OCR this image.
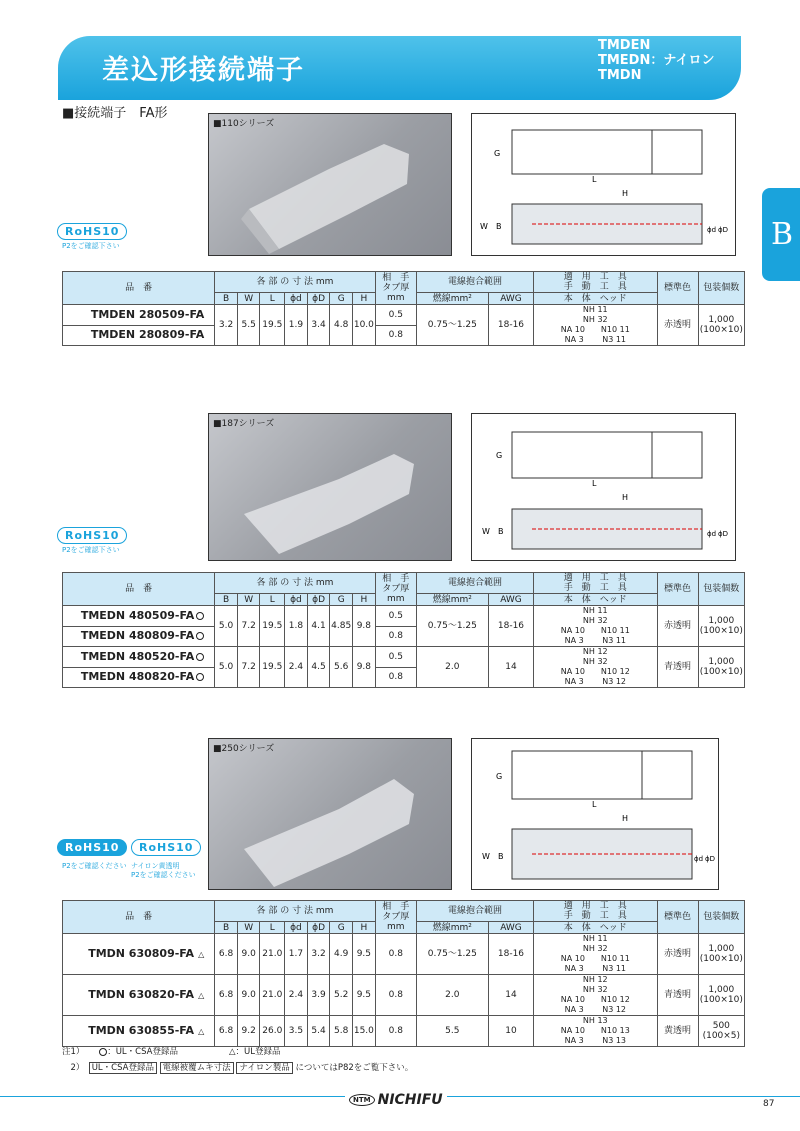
差込形接続端子
TMDEN
TMEDN：ナイロン
TMDN
■接続端子　FA形
B
■110シリーズ
G
L
H
W B	ϕd ϕD
RoHS10
P2をご確認下さい
品　番	各 部 の 寸 法 mm							相　手
タブ厚
mm	電線抱合範囲		適　用　工　具
手　動　工　具	標準色	包装個数
	B	W	L	ϕd	ϕD	G	H		燃線mm²	AWG	本　体　ヘッド		
TMDEN 280509-FA	3.2	5.5	19.5	1.9	3.4	4.8	10.0	0.5	0.75～1.25	18-16	NH 11
NH 32
NA 10　　N10 11
NA 3　　 N3 11	赤透明	1,000
(100×10)
TMDEN 280809-FA								0.8					
■187シリーズ
G
L
H
W B	ϕd ϕD
RoHS10
P2をご確認下さい
品　番	各 部 の 寸 法 mm							相　手
タブ厚
mm	電線抱合範囲		適　用　工　具
手　動　工　具	標準色	包装個数
	B	W	L	ϕd	ϕD	G	H		燃線mm²	AWG	本　体　ヘッド		
TMEDN 480509-FA	5.0	7.2	19.5	1.8	4.1	4.85	9.8	0.5	0.75～1.25	18-16	NH 11
NH 32
NA 10　　N10 11
NA 3　　 N3 11	赤透明	1,000
(100×10)
TMEDN 480809-FA								0.8					
TMEDN 480520-FA	5.0	7.2	19.5	2.4	4.5	5.6	9.8	0.5	2.0	14	NH 12
NH 32
NA 10　　N10 12
NA 3　　 N3 12	青透明	1,000
(100×10)
TMEDN 480820-FA								0.8					
■250シリーズ
G
L
H
W B	ϕd ϕD
RoHS10	RoHS10
P2をご確認ください ナイロン黄透明
P2をご確認ください
品　番	各 部 の 寸 法 mm							相　手
タブ厚
mm	電線抱合範囲		適　用　工　具
手　動　工　具	標準色	包装個数
	B	W	L	ϕd	ϕD	G	H		燃線mm²	AWG	本　体　ヘッド		
TMDN 630809-FA △	6.8	9.0	21.0	1.7	3.2	4.9	9.5	0.8	0.75～1.25	18-16	NH 11
NH 32
NA 10　　N10 11
NA 3　　 N3 11	赤透明	1,000
(100×10)
TMDN 630820-FA △	6.8	9.0	21.0	2.4	3.9	5.2	9.5	0.8	2.0	14	NH 12
NH 32
NA 10　　N10 12
NA 3　　 N3 12	青透明	1,000
(100×10)
TMDN 630855-FA △	6.8	9.2	26.0	3.5	5.4	5.8	15.0	0.8	5.5	10	NH 13
NA 10　　N10 13
NA 3　　 N3 13	黄透明	500
(100×5)
注1）　　	：UL・CSA登録品　　　　　　	△：UL登録品
　2）　 UL・CSA登録品 電線被覆ムキ寸法 ナイロン製品 についてはP82をご覧下さい。
NTM NICHIFU	87
